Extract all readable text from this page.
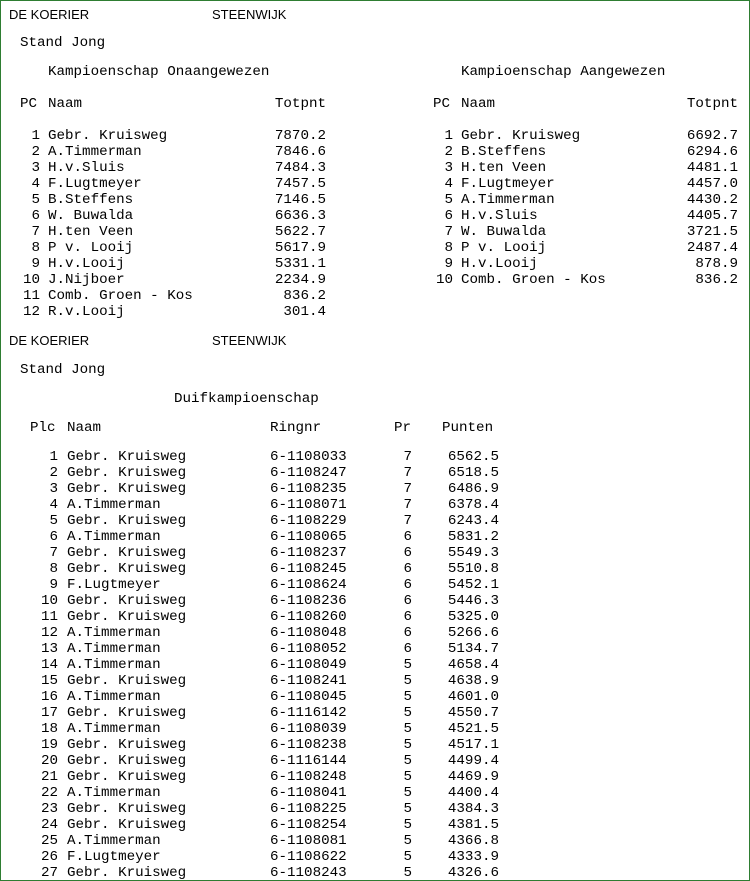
DE KOERIER	STEENWIJK
Stand Jong
Kampioenschap Onaangewezen	Kampioenschap Aangewezen
PC Naam	Totpnt	PC Naam	Totpnt
1 Gebr. Kruisweg	7870.2
2 A.Timmerman	7846.6
3 H.v.Sluis	7484.3
4 F.Lugtmeyer	7457.5
5 B.Steffens	7146.5
6 W. Buwalda	6636.3
7 H.ten Veen	5622.7
8 P v. Looij	5617.9
9 H.v.Looij	5331.1
10 J.Nijboer	2234.9
11 Comb. Groen - Kos	836.2
12 R.v.Looij	301.4
1 Gebr. Kruisweg	6692.7
2 B.Steffens	6294.6
3 H.ten Veen	4481.1
4 F.Lugtmeyer	4457.0
5 A.Timmerman	4430.2
6 H.v.Sluis	4405.7
7 W. Buwalda	3721.5
8 P v. Looij	2487.4
9 H.v.Looij	878.9
10 Comb. Groen - Kos	836.2
DE KOERIER	STEENWIJK
Stand Jong
Duifkampioenschap
Plc Naam	Ringnr	Pr Punten
1 Gebr. Kruisweg	6-1108033	7	6562.5
2 Gebr. Kruisweg	6-1108247	7	6518.5
3 Gebr. Kruisweg	6-1108235	7	6486.9
4 A.Timmerman	6-1108071	7	6378.4
5 Gebr. Kruisweg	6-1108229	7	6243.4
6 A.Timmerman	6-1108065	6	5831.2
7 Gebr. Kruisweg	6-1108237	6	5549.3
8 Gebr. Kruisweg	6-1108245	6	5510.8
9 F.Lugtmeyer	6-1108624	6	5452.1
10 Gebr. Kruisweg	6-1108236	6	5446.3
11 Gebr. Kruisweg	6-1108260	6	5325.0
12 A.Timmerman	6-1108048	6	5266.6
13 A.Timmerman	6-1108052	6	5134.7
14 A.Timmerman	6-1108049	5	4658.4
15 Gebr. Kruisweg	6-1108241	5	4638.9
16 A.Timmerman	6-1108045	5	4601.0
17 Gebr. Kruisweg	6-1116142	5	4550.7
18 A.Timmerman	6-1108039	5	4521.5
19 Gebr. Kruisweg	6-1108238	5	4517.1
20 Gebr. Kruisweg	6-1116144	5	4499.4
21 Gebr. Kruisweg	6-1108248	5	4469.9
22 A.Timmerman	6-1108041	5	4400.4
23 Gebr. Kruisweg	6-1108225	5	4384.3
24 Gebr. Kruisweg	6-1108254	5	4381.5
25 A.Timmerman	6-1108081	5	4366.8
26 F.Lugtmeyer	6-1108622	5	4333.9
27 Gebr. Kruisweg	6-1108243	5	4326.6
